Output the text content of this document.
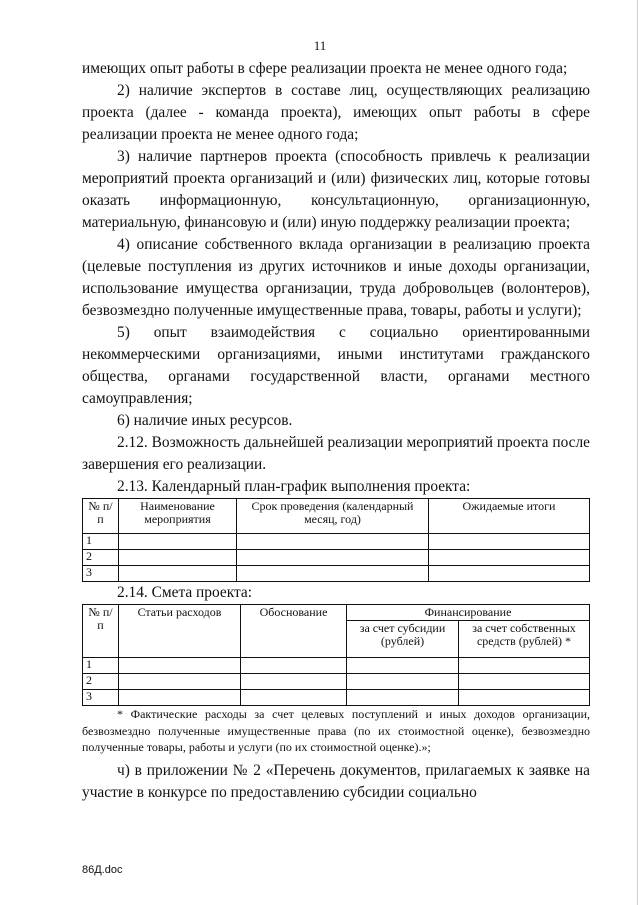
11

имеющих опыт работы в сфере реализации проекта не менее одного года;

2) наличие экспертов в составе лиц, осуществляющих реализацию проекта (далее - команда проекта), имеющих опыт работы в сфере реализации проекта не менее одного года;

3) наличие партнеров проекта (способность привлечь к реализации мероприятий проекта организаций и (или) физических лиц, которые готовы оказать информационную, консультационную, организационную, материальную, финансовую и (или) иную поддержку реализации проекта;

4) описание собственного вклада организации в реализацию проекта (целевые поступления из других источников и иные доходы организации, использование имущества организации, труда добровольцев (волонтеров), безвозмездно полученные имущественные права, товары, работы и услуги);

5) опыт взаимодействия с социально ориентированными некоммерческими организациями, иными институтами гражданского общества, органами государственной власти, органами местного самоуправления;

6) наличие иных ресурсов.

2.12. Возможность дальнейшей реализации мероприятий проекта после завершения его реализации.

2.13. Календарный план-график выполнения проекта:

№ п/п	Наименование мероприятия	Срок проведения (календарный месяц, год)	Ожидаемые итоги
1			
2			
3			

2.14. Смета проекта:

№ п/п	Статьи расходов	Обоснование	Финансирование	
			за счет субсидии (рублей)	за счет собственных средств (рублей) *
1				
2				
3				

* Фактические расходы за счет целевых поступлений и иных доходов организации, безвозмездно полученные имущественные права (по их стоимостной оценке), безвозмездно полученные товары, работы и услуги (по их стоимостной оценке).»;

ч) в приложении № 2 «Перечень документов, прилагаемых к заявке на участие в конкурсе по предоставлению субсидии социально

86Д.doc
